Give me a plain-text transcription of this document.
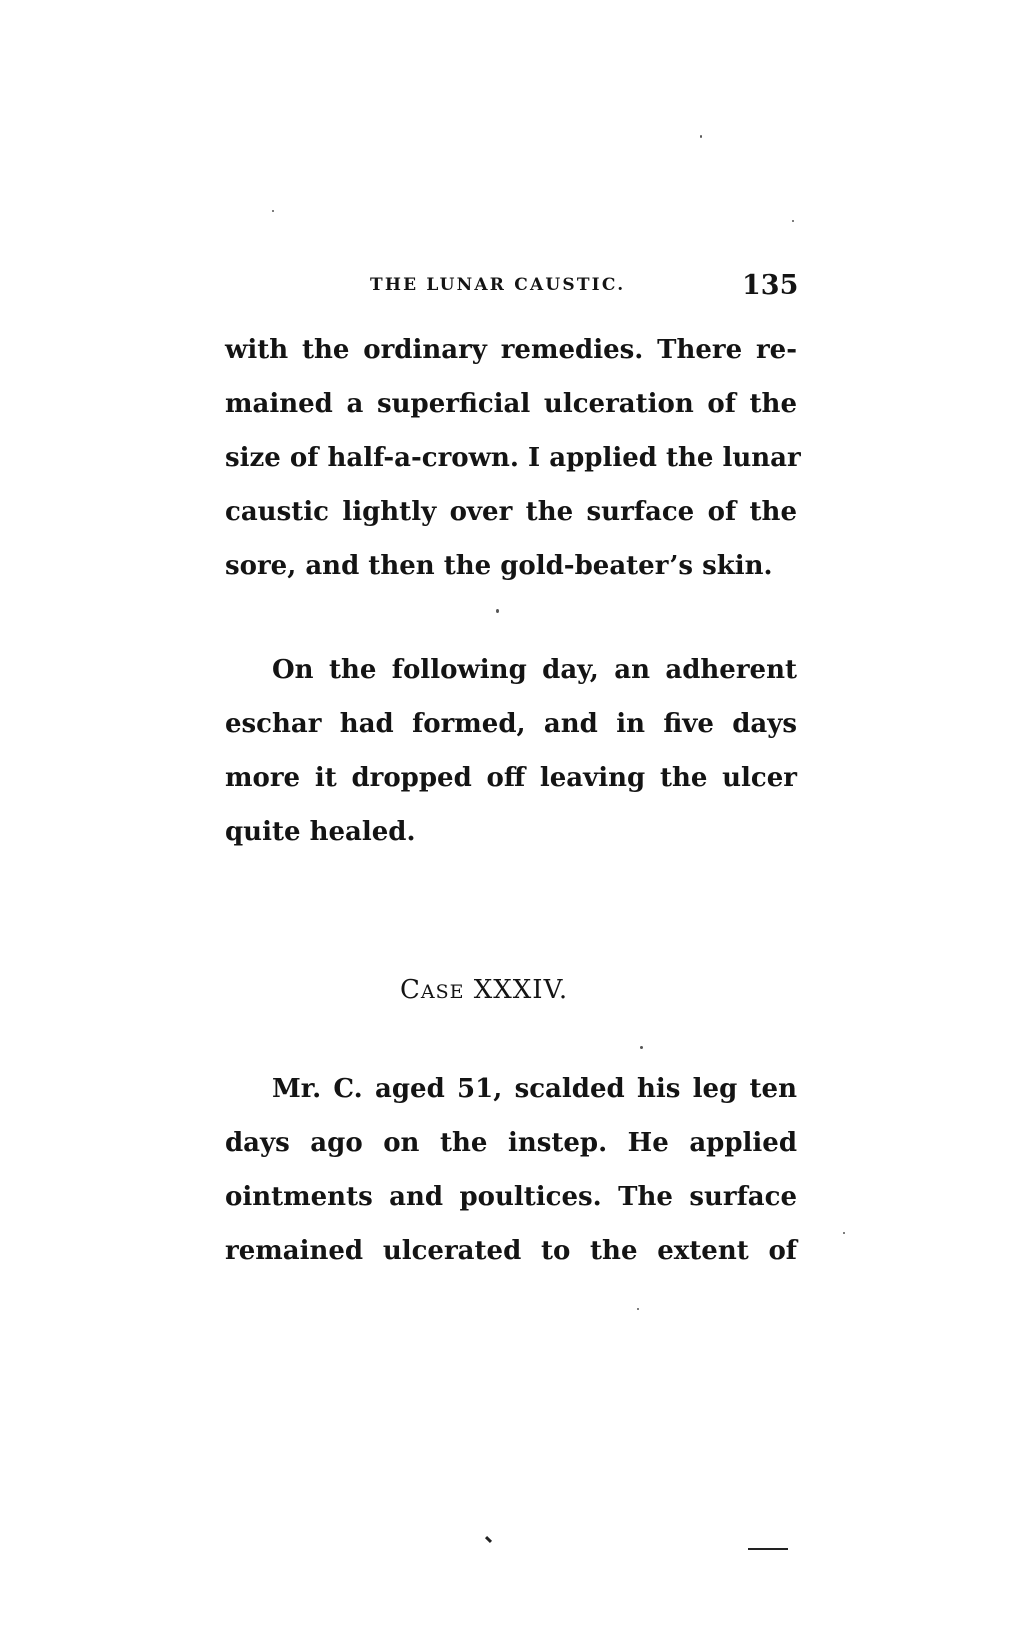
THE LUNAR CAUSTIC.	135
with the ordinary remedies. There re-
mained a superficial ulceration of the
size of half-a-crown. I applied the lunar
caustic lightly over the surface of the
sore, and then the gold-beater’s skin.
On the following day, an adherent
eschar had formed, and in five days
more it dropped off leaving the ulcer
quite healed.
CASE XXXIV.
Mr. C. aged 51, scalded his leg ten
days ago on the instep. He applied
ointments and poultices. The surface
remained ulcerated to the extent of
